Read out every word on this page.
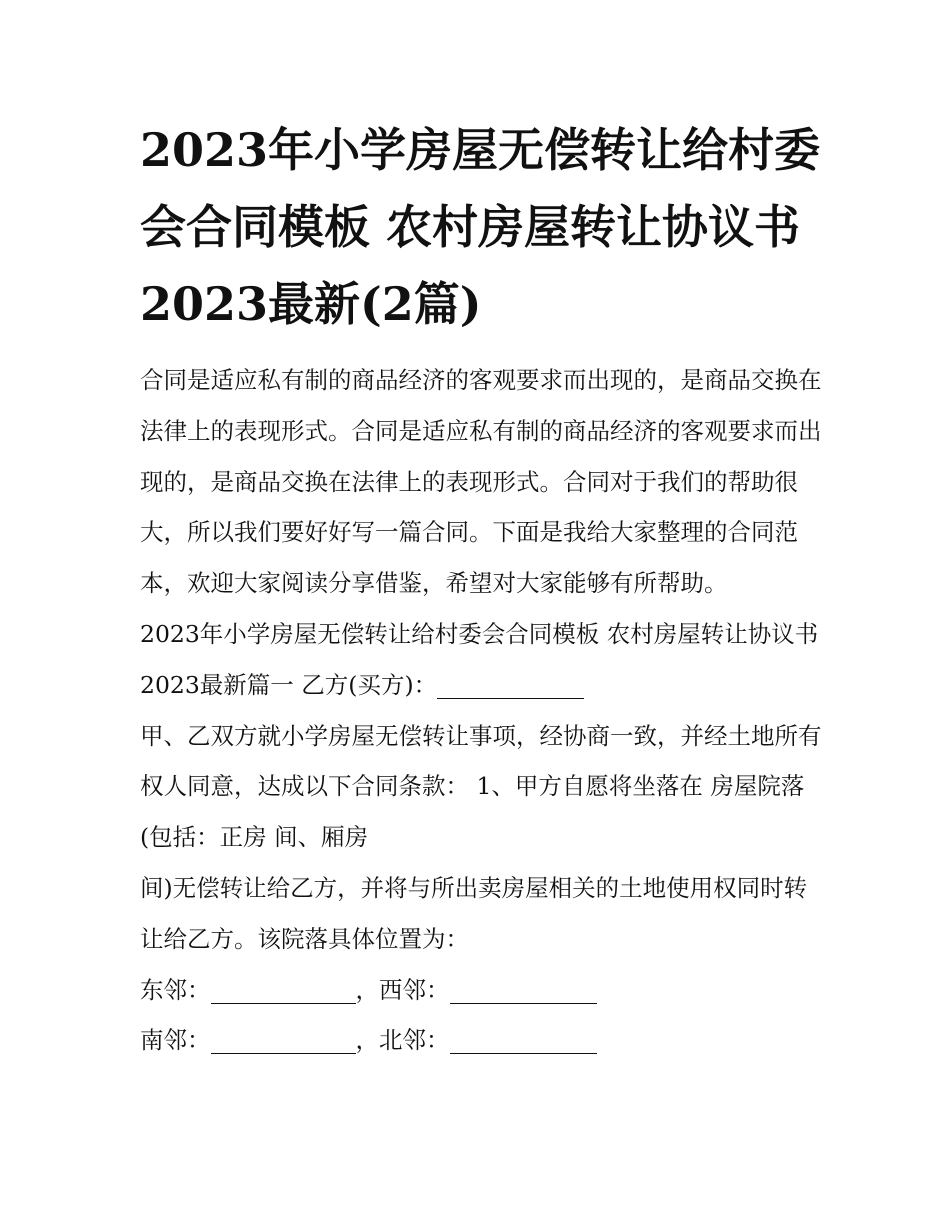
2023年小学房屋无偿转让给村委会合同模板 农村房屋转让协议书2023最新(2篇)

合同是适应私有制的商品经济的客观要求而出现的，是商品交换在法律上的表现形式。合同是适应私有制的商品经济的客观要求而出现的，是商品交换在法律上的表现形式。合同对于我们的帮助很大，所以我们要好好写一篇合同。下面是我给大家整理的合同范本，欢迎大家阅读分享借鉴，希望对大家能够有所帮助。

2023年小学房屋无偿转让给村委会合同模板 农村房屋转让协议书2023最新篇一 乙方(买方)：

甲、乙双方就小学房屋无偿转让事项，经协商一致，并经土地所有权人同意，达成以下合同条款： 1、甲方自愿将坐落在 房屋院落(包括：正房 间、厢房

间)无偿转让给乙方，并将与所出卖房屋相关的土地使用权同时转让给乙方。该院落具体位置为：

东邻：	，西邻：

南邻：	，北邻：
